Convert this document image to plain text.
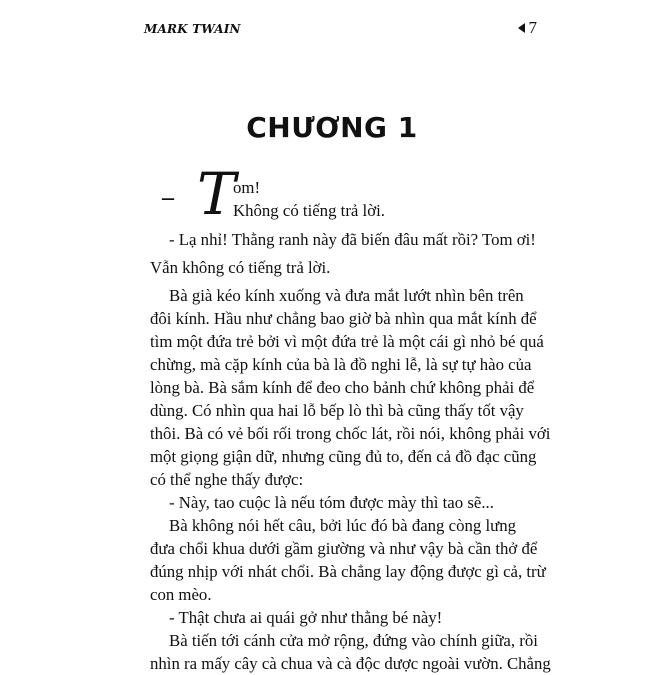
MARK TWAIN	7
CHƯƠNG 1
– T
om!
Không có tiếng trả lời.
- Lạ nhỉ! Thằng ranh này đã biến đâu mất rồi? Tom ơi!
Vẫn không có tiếng trả lời.
Bà già kéo kính xuống và đưa mắt lướt nhìn bên trên
đôi kính. Hầu như chẳng bao giờ bà nhìn qua mắt kính để
tìm một đứa trẻ bởi vì một đứa trẻ là một cái gì nhỏ bé quá
chừng, mà cặp kính của bà là đồ nghi lễ, là sự tự hào của
lòng bà. Bà sắm kính để đeo cho bảnh chứ không phải để
dùng. Có nhìn qua hai lỗ bếp lò thì bà cũng thấy tốt vậy
thôi. Bà có vẻ bối rối trong chốc lát, rồi nói, không phải với
một giọng giận dữ, nhưng cũng đủ to, đến cả đồ đạc cũng
có thể nghe thấy được:
- Này, tao cuộc là nếu tóm được mày thì tao sẽ...
Bà không nói hết câu, bởi lúc đó bà đang còng lưng
đưa chổi khua dưới gầm giường và như vậy bà cần thở để
đúng nhịp với nhát chổi. Bà chẳng lay động được gì cả, trừ
con mèo.
- Thật chưa ai quái gở như thằng bé này!
Bà tiến tới cánh cửa mở rộng, đứng vào chính giữa, rồi
nhìn ra mấy cây cà chua và cà độc dược ngoài vườn. Chẳng
